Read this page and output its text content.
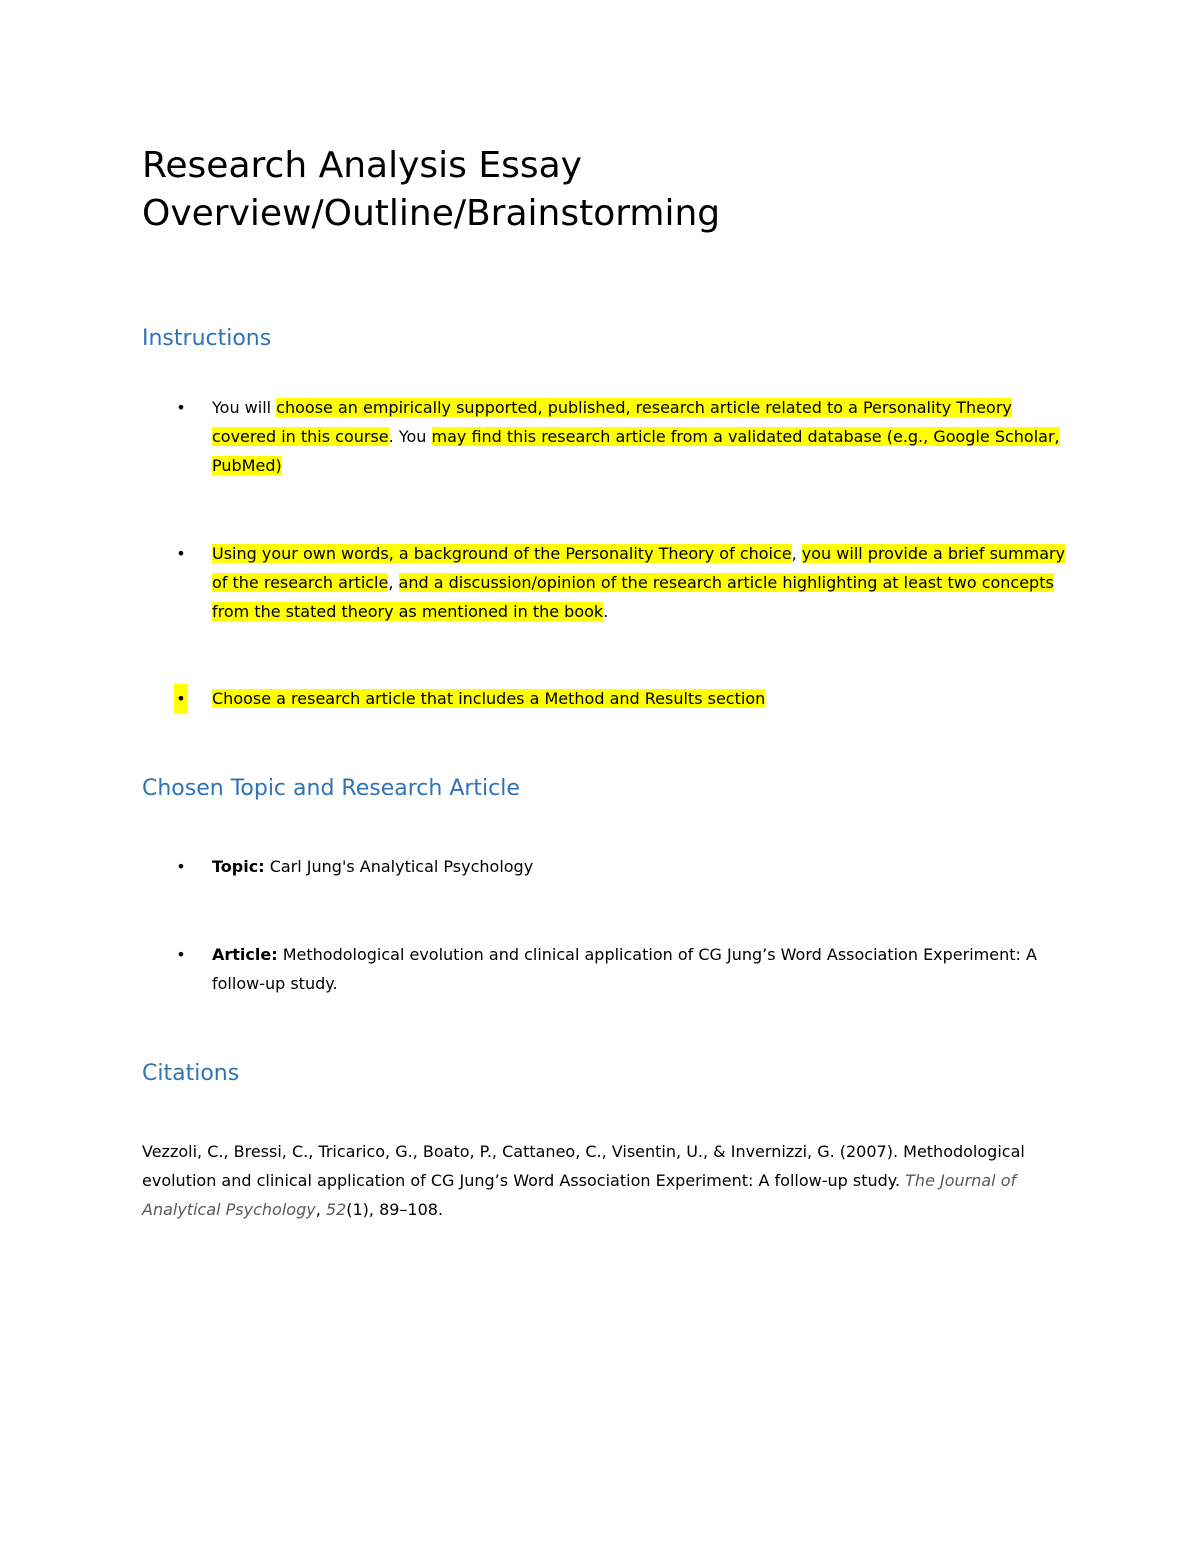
Research Analysis Essay
Overview/Outline/Brainstorming
Instructions
• You will choose an empirically supported, published, research article related to a Personality Theory covered in this course. You may find this research article from a validated database (e.g., Google Scholar, PubMed)
• Using your own words, a background of the Personality Theory of choice, you will provide a brief summary of the research article, and a discussion/opinion of the research article highlighting at least two concepts from the stated theory as mentioned in the book.
• Choose a research article that includes a Method and Results section
Chosen Topic and Research Article
• Topic: Carl Jung's Analytical Psychology
• Article: Methodological evolution and clinical application of CG Jung’s Word Association Experiment: A follow-up study.
Citations
Vezzoli, C., Bressi, C., Tricarico, G., Boato, P., Cattaneo, C., Visentin, U., & Invernizzi, G. (2007). Methodological evolution and clinical application of CG Jung’s Word Association Experiment: A follow-up study. The Journal of Analytical Psychology, 52(1), 89–108.
